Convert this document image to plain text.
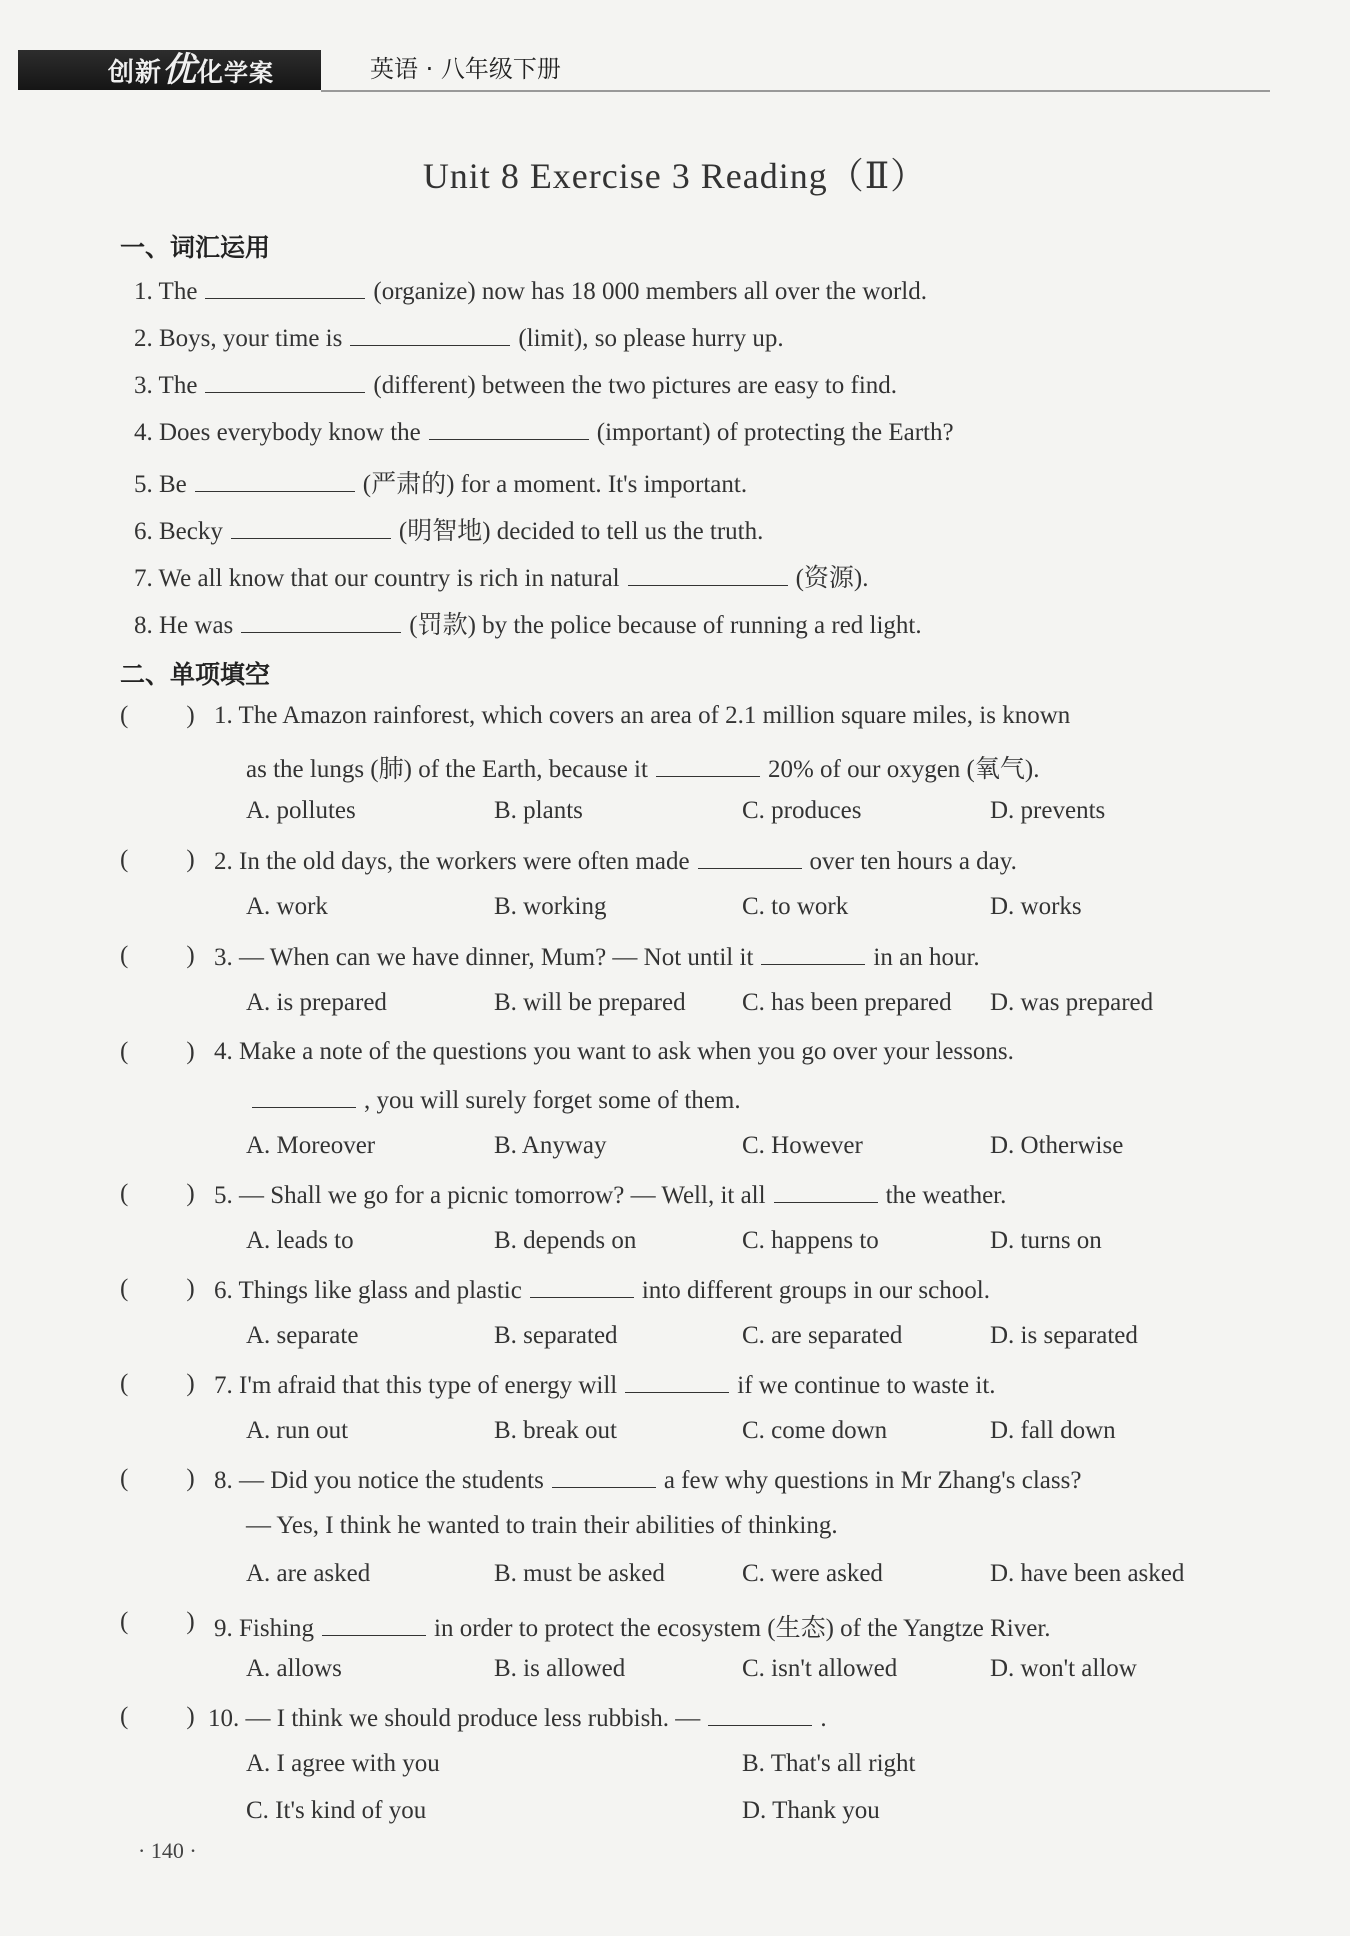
创新优化学案	英语 · 八年级下册
Unit 8 Exercise 3 Reading（Ⅱ）
一、词汇运用
1. The	(organize) now has 18 000 members all over the world.
2. Boys, your time is	(limit), so please hurry up.
3. The	(different) between the two pictures are easy to find.
4. Does everybody know the	(important) of protecting the Earth?
5. Be	(严肃的) for a moment. It's important.
6. Becky	(明智地) decided to tell us the truth.
7. We all know that our country is rich in natural	(资源).
8. He was	(罚款) by the police because of running a red light.
二、单项填空
( ) 1. The Amazon rainforest, which covers an area of 2.1 million square miles, is known
as the lungs (肺) of the Earth, because it	20% of our oxygen (氧气).
A. pollutes	B. plants	C. produces	D. prevents
( ) 2. In the old days, the workers were often made	over ten hours a day.
A. work	B. working	C. to work	D. works
( ) 3. — When can we have dinner, Mum? — Not until it	in an hour.
A. is prepared	B. will be prepared C. has been prepared D. was prepared
( ) 4. Make a note of the questions you want to ask when you go over your lessons.
, you will surely forget some of them.
A. Moreover	B. Anyway	C. However	D. Otherwise
( ) 5. — Shall we go for a picnic tomorrow? — Well, it all	the weather.
A. leads to	B. depends on	C. happens to	D. turns on
( ) 6. Things like glass and plastic	into different groups in our school.
A. separate	B. separated	C. are separated	D. is separated
( ) 7. I'm afraid that this type of energy will	if we continue to waste it.
A. run out	B. break out	C. come down	D. fall down
( ) 8. — Did you notice the students	a few why questions in Mr Zhang's class?
— Yes, I think he wanted to train their abilities of thinking.
A. are asked	B. must be asked	C. were asked	D. have been asked
( ) 9. Fishing	in order to protect the ecosystem (生态) of the Yangtze River.
A. allows	B. is allowed	C. isn't allowed	D. won't allow
( ) 10. — I think we should produce less rubbish. —	.
A. I agree with you	B. That's all right
C. It's kind of you	D. Thank you
· 140 ·
